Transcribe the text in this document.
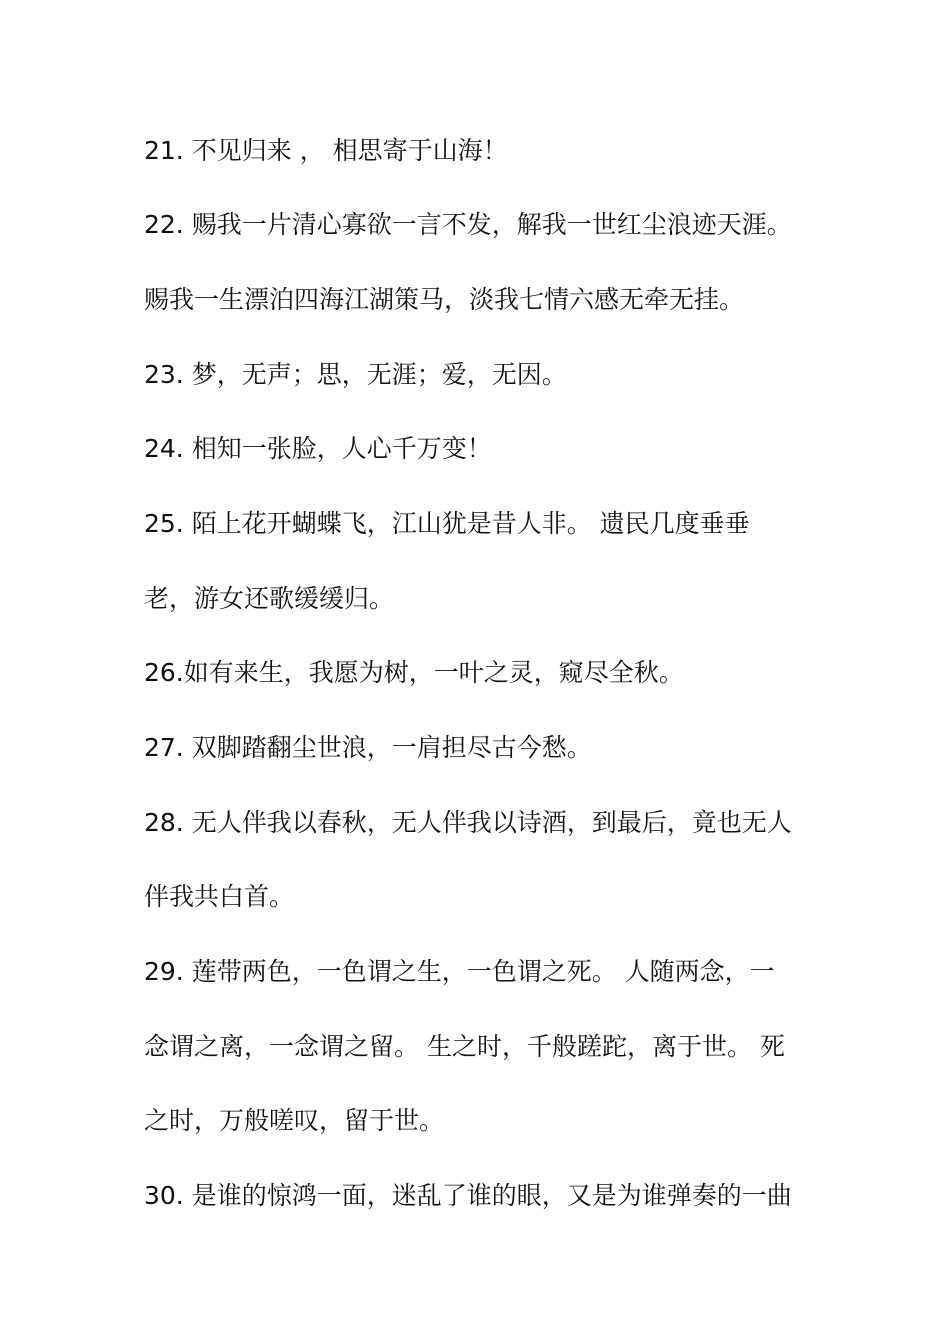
21. 不见归来 ， 相思寄于山海！
22. 赐我一片清心寡欲一言不发，解我一世红尘浪迹天涯。
赐我一生漂泊四海江湖策马，淡我七情六感无牵无挂。
23. 梦，无声；思，无涯；爱，无因。
24. 相知一张脸，人心千万变！
25. 陌上花开蝴蝶飞，江山犹是昔人非。 遗民几度垂垂
老，游女还歌缓缓归。
26.如有来生，我愿为树，一叶之灵，窥尽全秋。
27. 双脚踏翻尘世浪，一肩担尽古今愁。
28. 无人伴我以春秋，无人伴我以诗酒，到最后，竟也无人
伴我共白首。
29. 莲带两色，一色谓之生，一色谓之死。 人随两念，一
念谓之离，一念谓之留。 生之时，千般蹉跎，离于世。 死
之时，万般嗟叹，留于世。
30. 是谁的惊鸿一面，迷乱了谁的眼，又是为谁弹奏的一曲
